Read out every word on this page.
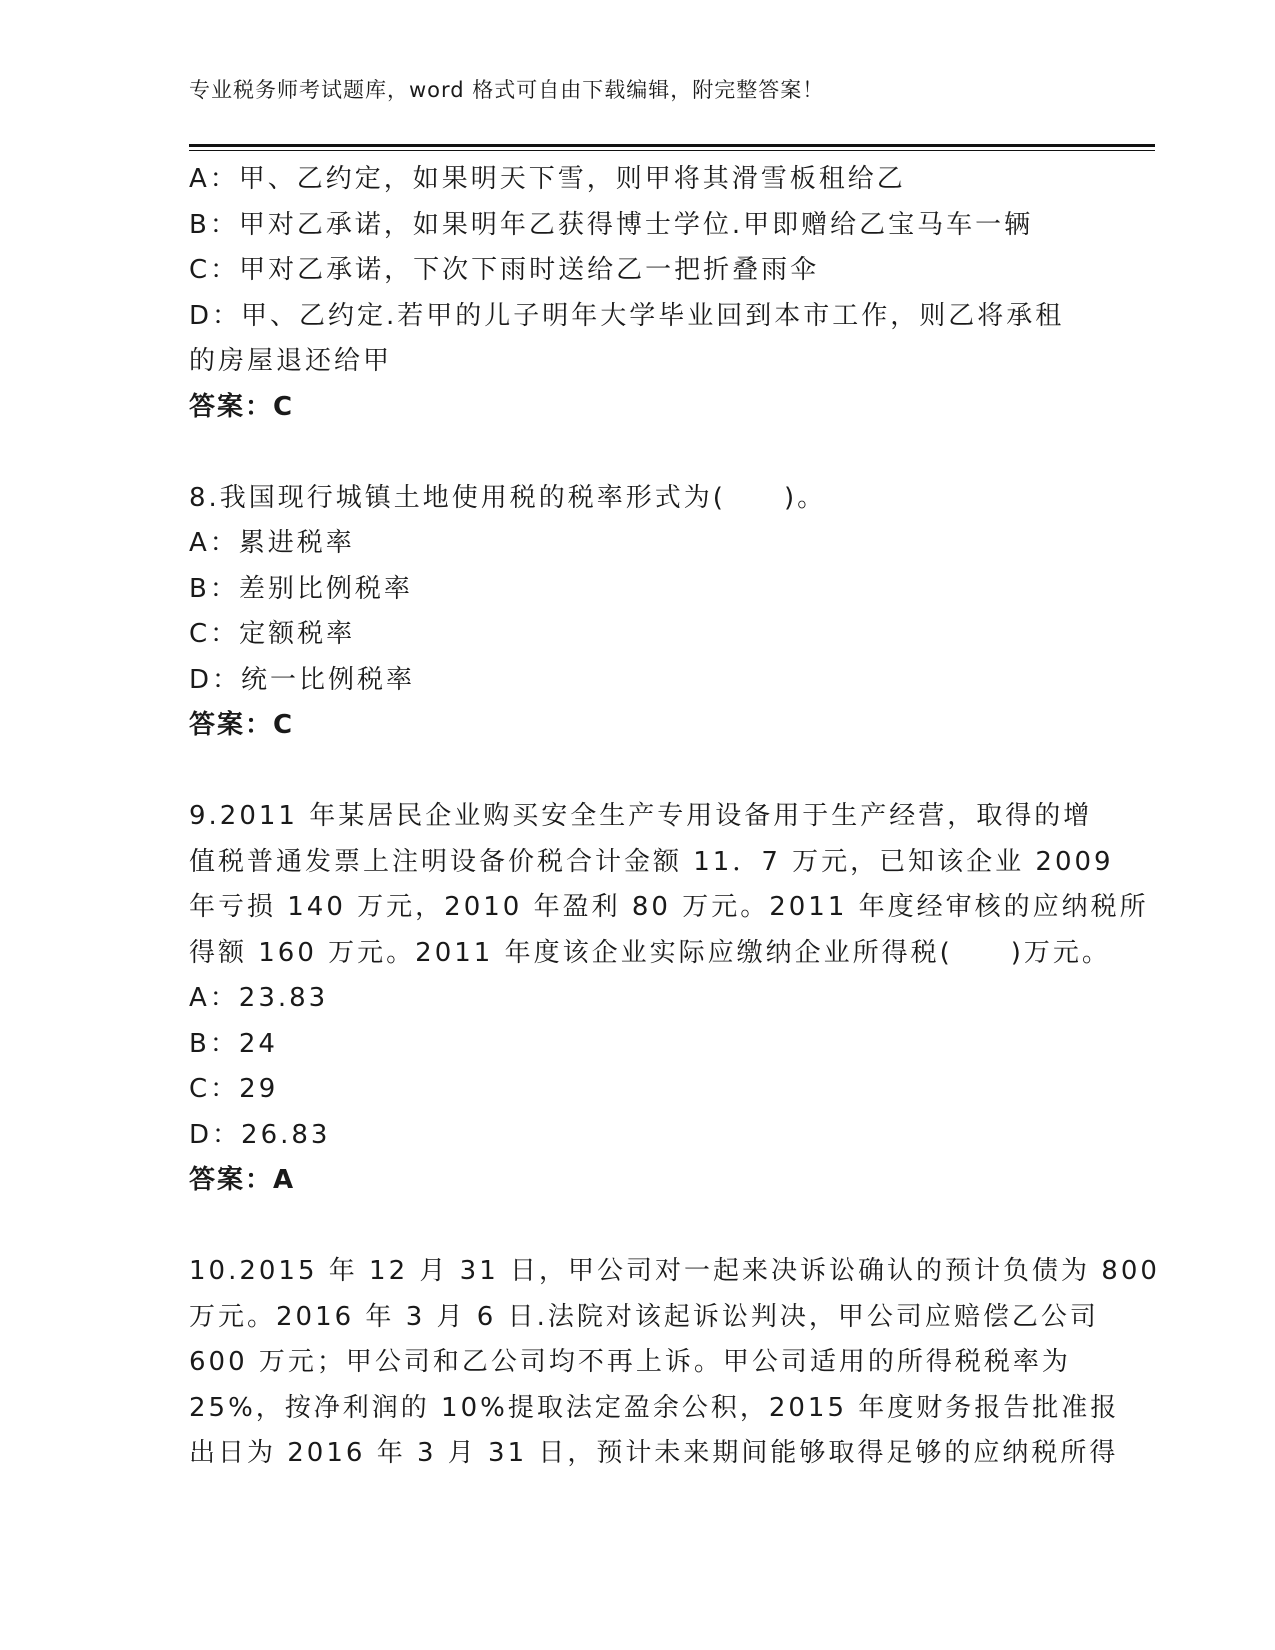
专业税务师考试题库，word 格式可自由下载编辑，附完整答案！
A：甲、乙约定，如果明天下雪，则甲将其滑雪板租给乙
B：甲对乙承诺，如果明年乙获得博士学位.甲即赠给乙宝马车一辆
C：甲对乙承诺，下次下雨时送给乙一把折叠雨伞
D：甲、乙约定.若甲的儿子明年大学毕业回到本市工作，则乙将承租
的房屋退还给甲
答案：C
8.我国现行城镇土地使用税的税率形式为(　　)。
A：累进税率
B：差别比例税率
C：定额税率
D：统一比例税率
答案：C
9.2011 年某居民企业购买安全生产专用设备用于生产经营，取得的增
值税普通发票上注明设备价税合计金额 11．7 万元，已知该企业 2009
年亏损 140 万元，2010 年盈利 80 万元。2011 年度经审核的应纳税所
得额 160 万元。2011 年度该企业实际应缴纳企业所得税(　　)万元。
A：23.83
B：24
C：29
D：26.83
答案：A
10.2015 年 12 月 31 日，甲公司对一起来决诉讼确认的预计负债为 800
万元。2016 年 3 月 6 日.法院对该起诉讼判决，甲公司应赔偿乙公司
600 万元；甲公司和乙公司均不再上诉。甲公司适用的所得税税率为
25%，按净利润的 10%提取法定盈余公积，2015 年度财务报告批准报
出日为 2016 年 3 月 31 日，预计未来期间能够取得足够的应纳税所得
